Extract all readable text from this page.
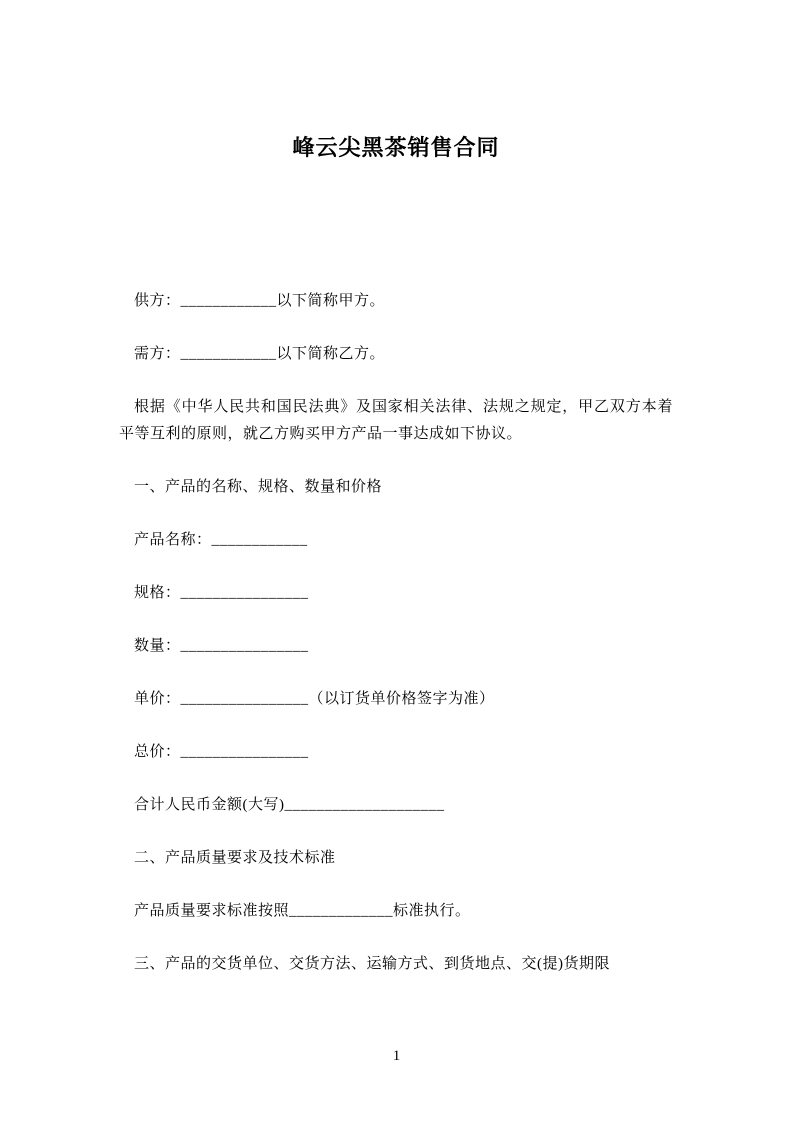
峰云尖黑茶销售合同

供方：____________以下简称甲方。

需方：____________以下简称乙方。

根据《中华人民共和国民法典》及国家相关法律、法规之规定，甲乙双方本着平等互利的原则，就乙方购买甲方产品一事达成如下协议。

一、产品的名称、规格、数量和价格

产品名称：____________

规格：________________

数量：________________

单价：________________（以订货单价格签字为准）

总价：________________

合计人民币金额(大写)____________________

二、产品质量要求及技术标准

产品质量要求标准按照_____________标准执行。

三、产品的交货单位、交货方法、运输方式、到货地点、交(提)货期限

1
